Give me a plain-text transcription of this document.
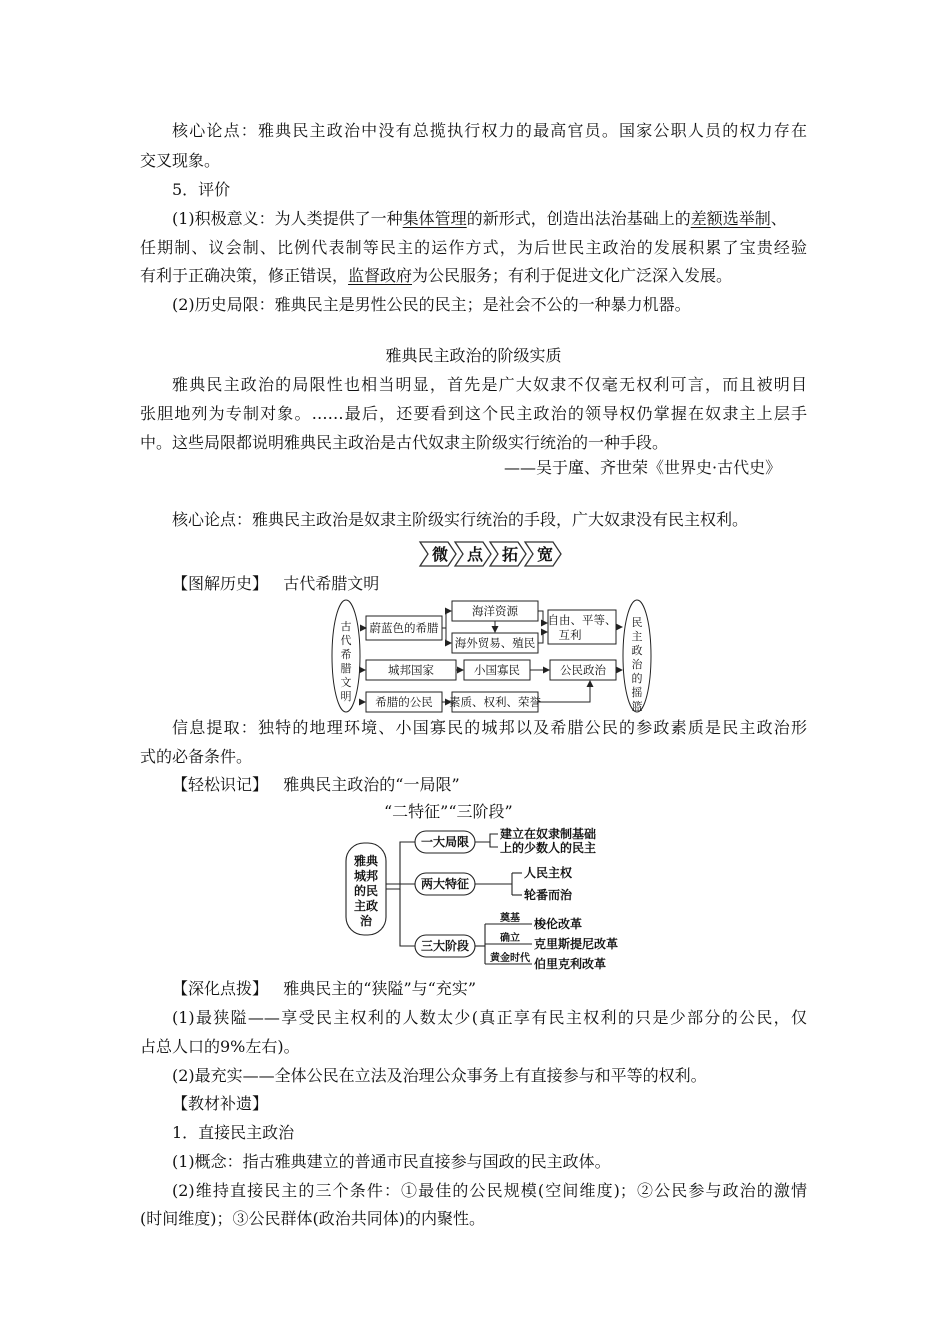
核心论点：雅典民主政治中没有总揽执行权力的最高官员。国家公职人员的权力存在
交叉现象。
5．评价
(1)积极意义：为人类提供了一种集体管理的新形式，创造出法治基础上的差额选举制、
任期制、议会制、比例代表制等民主的运作方式，为后世民主政治的发展积累了宝贵经验
有利于正确决策，修正错误，监督政府为公民服务；有利于促进文化广泛深入发展。
(2)历史局限：雅典民主是男性公民的民主；是社会不公的一种暴力机器。
雅典民主政治的阶级实质
雅典民主政治的局限性也相当明显，首先是广大奴隶不仅毫无权利可言，而且被明目
张胆地列为专制对象。……最后，还要看到这个民主政治的领导权仍掌握在奴隶主上层手
中。这些局限都说明雅典民主政治是古代奴隶主阶级实行统治的一种手段。
——吴于廑、齐世荣《世界史·古代史》
核心论点：雅典民主政治是奴隶主阶级实行统治的手段，广大奴隶没有民主权利。
微 点 拓 宽
【图解历史】 古代希腊文明
古代希腊文明
民主政治的摇篮
蔚蓝色的希腊
海洋资源
海外贸易、殖民
自由、平等、
互利
城邦国家	小国寡民	公民政治
希腊的公民 素质、权利、荣誉
信息提取：独特的地理环境、小国寡民的城邦以及希腊公民的参政素质是民主政治形
式的必备条件。
【轻松识记】 雅典民主政治的“一局限”
“二特征”“三阶段”
雅典城邦的民主政治
一大局限
两大特征
三大阶段
建立在奴隶制基础
上的少数人的民主
人民主权
轮番而治
梭伦改革
克里斯提尼改革
伯里克利改革
奠基
确立
黄金时代
【深化点拨】 雅典民主的“狭隘”与“充实”
(1)最狭隘——享受民主权利的人数太少(真正享有民主权利的只是少部分的公民，仅
占总人口的9%左右)。
(2)最充实——全体公民在立法及治理公众事务上有直接参与和平等的权利。
【教材补遗】
1．直接民主政治
(1)概念：指古雅典建立的普通市民直接参与国政的民主政体。
(2)维持直接民主的三个条件：①最佳的公民规模(空间维度)；②公民参与政治的激情
(时间维度)；③公民群体(政治共同体)的内聚性。
